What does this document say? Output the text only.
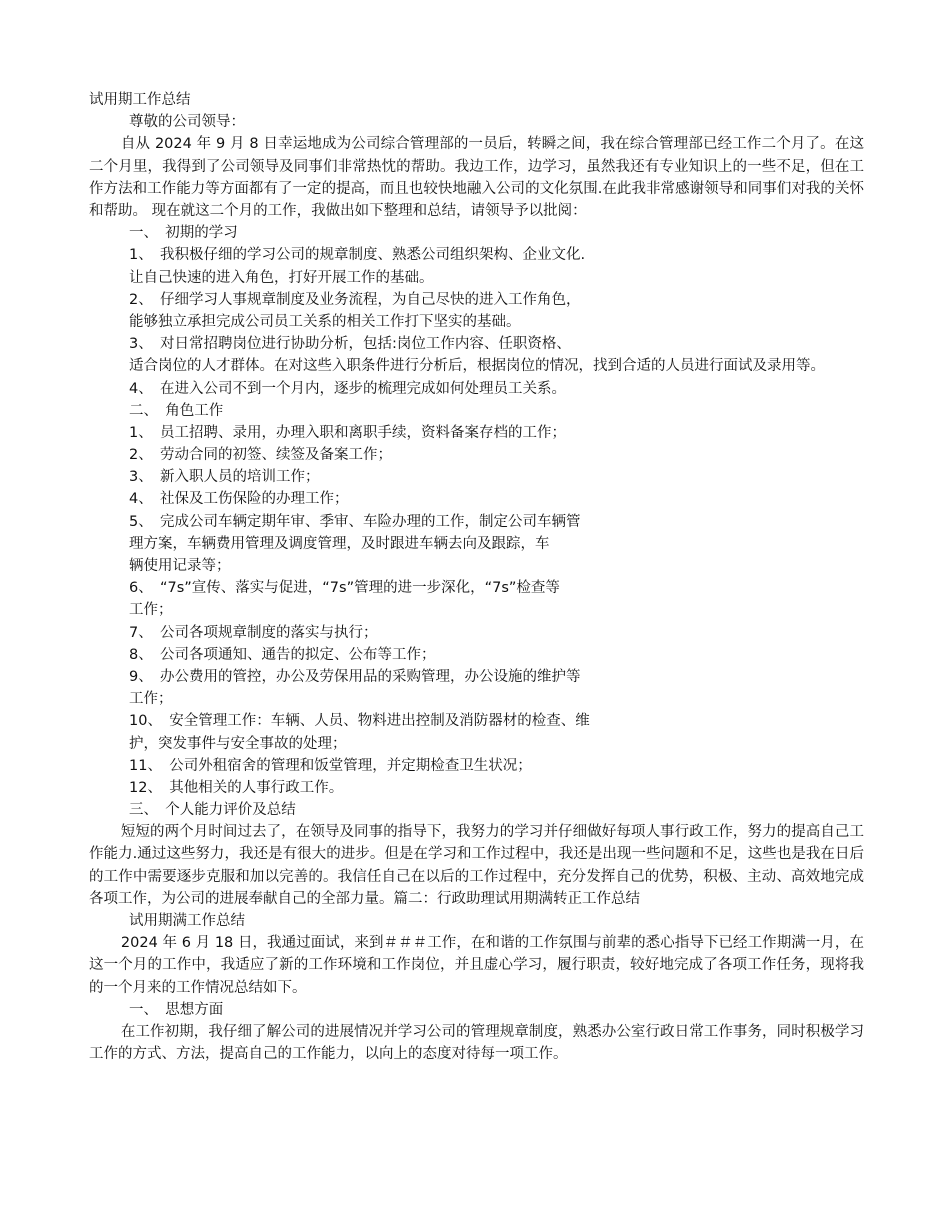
试用期工作总结
尊敬的公司领导：
自从 2024 年 9 月 8 日幸运地成为公司综合管理部的一员后，转瞬之间，我在综合管理部已经工作二个月了。在这二个月里，我得到了公司领导及同事们非常热忱的帮助。我边工作，边学习，虽然我还有专业知识上的一些不足，但在工作方法和工作能力等方面都有了一定的提高，而且也较快地融入公司的文化氛围.在此我非常感谢领导和同事们对我的关怀和帮助。 现在就这二个月的工作，我做出如下整理和总结，请领导予以批阅：
一、　初期的学习
1、　我积极仔细的学习公司的规章制度、熟悉公司组织架构、企业文化.
让自己快速的进入角色，打好开展工作的基础。
2、　仔细学习人事规章制度及业务流程，为自己尽快的进入工作角色，
能够独立承担完成公司员工关系的相关工作打下坚实的基础。
3、　对日常招聘岗位进行协助分析，包括:岗位工作内容、任职资格、
适合岗位的人才群体。在对这些入职条件进行分析后，根据岗位的情况，找到合适的人员进行面试及录用等。
4、　在进入公司不到一个月内，逐步的梳理完成如何处理员工关系。
二、　角色工作
1、　员工招聘、录用，办理入职和离职手续，资料备案存档的工作；
2、　劳动合同的初签、续签及备案工作；
3、　新入职人员的培训工作；
4、　社保及工伤保险的办理工作；
5、　完成公司车辆定期年审、季审、车险办理的工作，制定公司车辆管
理方案，车辆费用管理及调度管理，及时跟进车辆去向及跟踪，车
辆使用记录等；
6、　“7s”宣传、落实与促进，“7s”管理的进一步深化，“7s”检查等
工作；
7、　公司各项规章制度的落实与执行；
8、　公司各项通知、通告的拟定、公布等工作；
9、　办公费用的管控，办公及劳保用品的采购管理，办公设施的维护等
工作；
10、　安全管理工作：车辆、人员、物料进出控制及消防器材的检查、维
护，突发事件与安全事故的处理；
11、　公司外租宿舍的管理和饭堂管理，并定期检查卫生状况；
12、　其他相关的人事行政工作。
三、　个人能力评价及总结
短短的两个月时间过去了，在领导及同事的指导下，我努力的学习并仔细做好每项人事行政工作，努力的提高自己工作能力.通过这些努力，我还是有很大的进步。但是在学习和工作过程中，我还是出现一些问题和不足，这些也是我在日后的工作中需要逐步克服和加以完善的。我信任自己在以后的工作过程中，充分发挥自己的优势，积极、主动、高效地完成各项工作，为公司的进展奉献自己的全部力量。篇二：行政助理试用期满转正工作总结
试用期满工作总结
2024 年 6 月 18 日，我通过面试，来到＃＃＃工作，在和谐的工作氛围与前辈的悉心指导下已经工作期满一月，在这一个月的工作中，我适应了新的工作环境和工作岗位，并且虚心学习，履行职责，较好地完成了各项工作任务，现将我的一个月来的工作情况总结如下。
一、　思想方面
在工作初期，我仔细了解公司的进展情况并学习公司的管理规章制度，熟悉办公室行政日常工作事务，同时积极学习工作的方式、方法，提高自己的工作能力，以向上的态度对待每一项工作。
